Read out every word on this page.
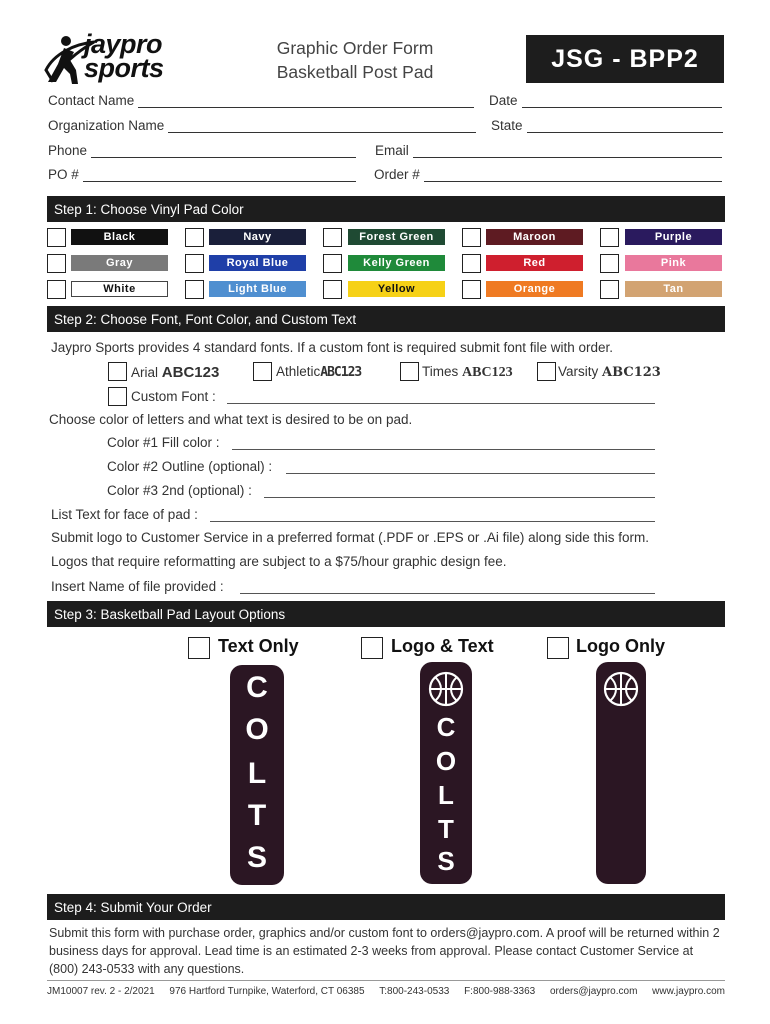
jaypro
sports
Graphic Order Form
Basketball Post Pad	JSG - BPP2
Contact Name	Date
Organization Name	State
Phone	Email
PO #	Order #
Step 1: Choose Vinyl Pad Color
Black	Navy	Forest Green	Maroon	Purple
Gray	Royal Blue	Kelly Green	Red	Pink
White	Light Blue	Yellow	Orange	Tan
Step 2: Choose Font, Font Color, and Custom Text
Jaypro Sports provides 4 standard fonts. If a custom font is required submit font file with order.
Arial ABC123	AthleticABC123	Times ABC123	Varsity ABC123
Custom Font :
Choose color of letters and what text is desired to be on pad.
Color #1 Fill color :
Color #2 Outline (optional) :
Color #3 2nd (optional) :
List Text for face of pad :
Submit logo to Customer Service in a preferred format (.PDF or .EPS or .Ai file) along side this form.
Logos that require reformatting are subject to a $75/hour graphic design fee.
Insert Name of file provided :
Step 3: Basketball Pad Layout Options
Text Only	Logo & Text	Logo Only
C
O
L
T
S
C
O
L
T
S
Step 4: Submit Your Order
Submit this form with purchase order, graphics and/or custom font to orders@jaypro.com. A proof will be returned within 2 business days for approval. Lead time is an estimated 2-3 weeks from approval. Please contact Customer Service at (800) 243-0533 with any questions.
JM10007 rev. 2 - 2/2021 976 Hartford Turnpike, Waterford, CT 06385 T:800-243-0533 F:800-988-3363 orders@jaypro.com www.jaypro.com
